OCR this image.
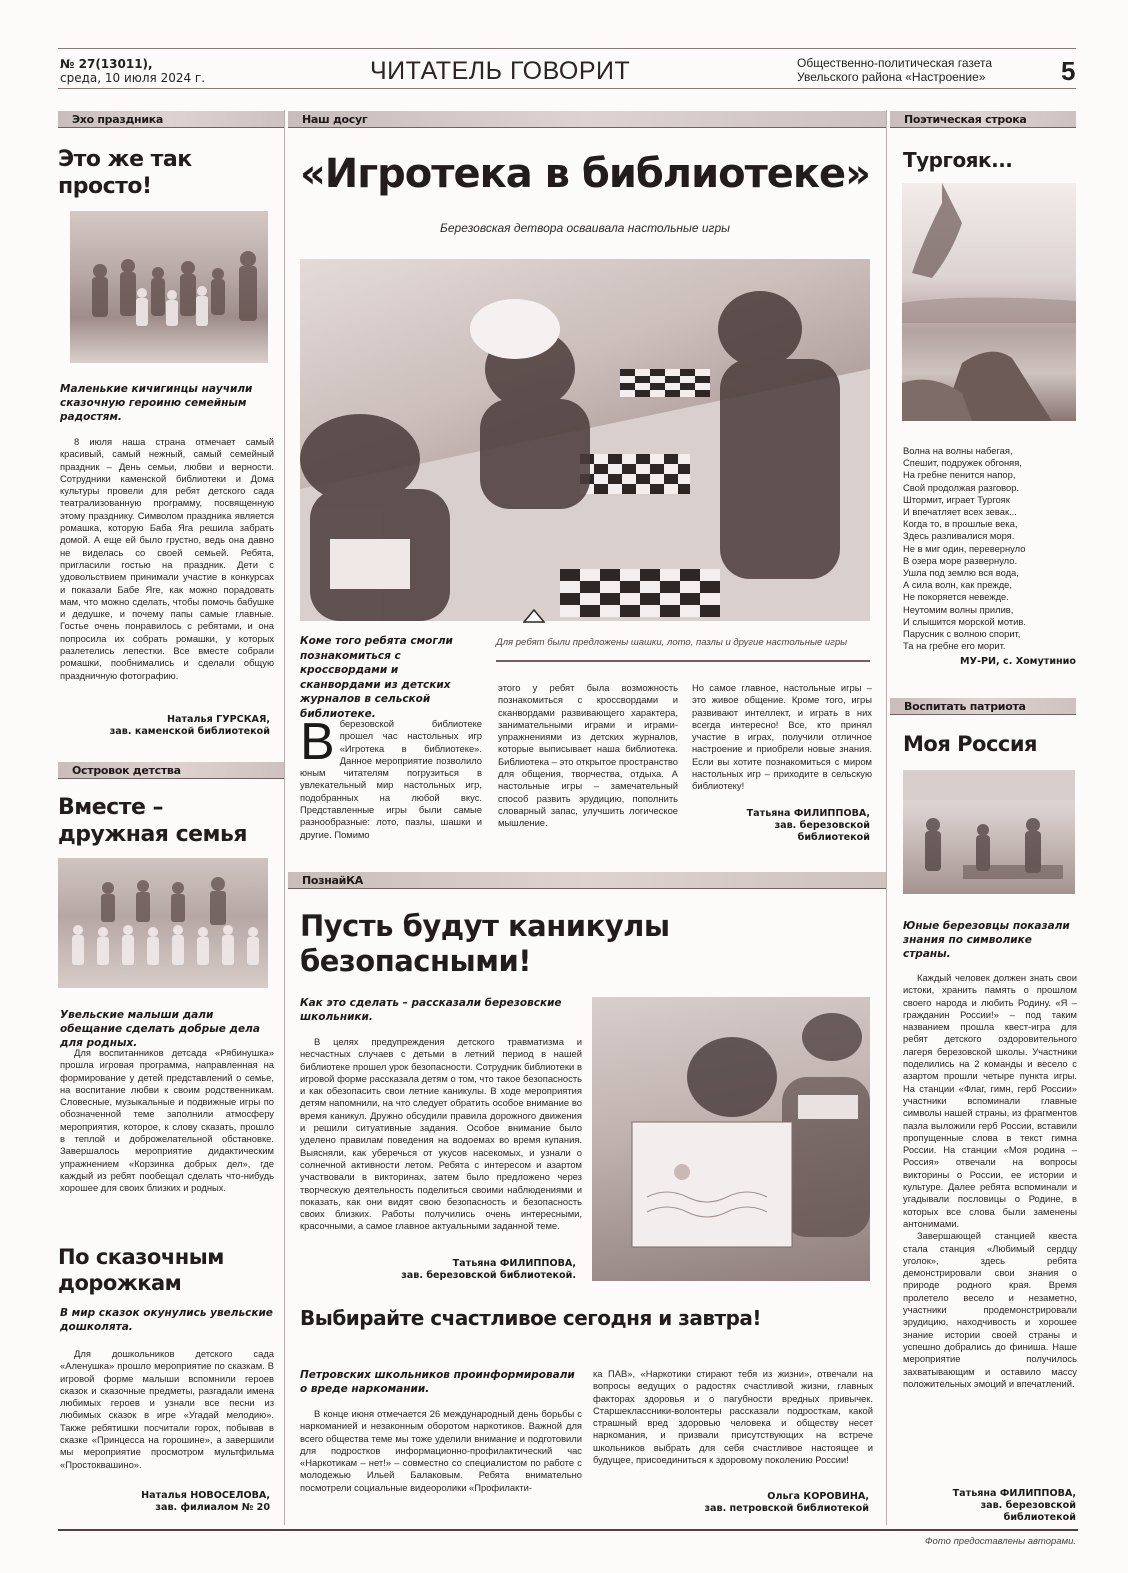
№ 27(13011),
среда, 10 июля 2024 г.	ЧИТАТЕЛЬ ГОВОРИТ	Общественно-политическая газета
Увельского района «Настроение»	5
Эхо праздника
Это же так просто!
Маленькие кичигинцы научили сказочную героиню семейным радостям.

8 июля наша страна отмечает самый красивый, самый нежный, самый семейный праздник – День семьи, любви и верности. Сотрудники каменской библиотеки и Дома культуры провели для ребят детского сада театрализованную программу, посвященную этому празднику. Символом праздника является ромашка, которую Баба Яга решила забрать домой. А еще ей было грустно, ведь она давно не виделась со своей семьей. Ребята, пригласили гостью на праздник. Дети с удовольствием принимали участие в конкурсах и показали Бабе Яге, как можно порадовать мам, что можно сделать, чтобы помочь бабушке и дедушке, и почему папы самые главные. Гостье очень понравилось с ребятами, и она попросила их собрать ромашки, у которых разлетелись лепестки. Все вместе собрали ромашки, пообнимались и сделали общую праздничную фотографию.

Наталья ГУРСКАЯ,
зав. каменской библиотекой
Островок детства
Вместе – дружная семья
Увельские малыши дали обещание сделать добрые дела для родных.

Для воспитанников детсада «Рябинушка» прошла игровая программа, направленная на формирование у детей представлений о семье, на воспитание любви к своим родственникам. Словесные, музыкальные и подвижные игры по обозначенной теме заполнили атмосферу мероприятия, которое, к слову сказать, прошло в теплой и доброжелательной обстановке. Завершалось мероприятие дидактическим упражнением «Корзинка добрых дел», где каждый из ребят пообещал сделать что-нибудь хорошее для своих близких и родных.

По сказочным дорожкам
В мир сказок окунулись увельские дошколята.

Для дошкольников детского сада «Аленушка» прошло мероприятие по сказкам. В игровой форме малыши вспомнили героев сказок и сказочные предметы, разгадали имена любимых героев и узнали все песни из любимых сказок в игре «Угадай мелодию». Также ребятишки посчитали горох, побывав в сказке «Принцесса на горошине», а завершили мы мероприятие просмотром мультфильма «Простоквашино».

Наталья НОВОСЕЛОВА,
зав. филиалом № 20
Наш досуг
«Игротека в библиотеке»
Березовская детвора осваивала настольные игры
Коме того ребята смогли познакомиться с кроссвордами и сканвордами из детских журналов в сельской библиотеке.
Для ребят были предложены шашки, лото, пазлы и другие настольные игры
Вберезовской библиотеке прошел час настольных игр «Игротека в библиотеке». Данное мероприятие позволило юным читателям погрузиться в увлекательный мир настольных игр, подобранных на любой вкус. Представленные игры были самые разнообразные: лото, пазлы, шашки и другие. Помимо
этого у ребят была возможность познакомиться с кроссвордами и сканвордами развивающего характера, занимательными играми и играми-упражнениями из детских журналов, которые выписывает наша библиотека. Библиотека – это открытое пространство для общения, творчества, отдыха. А настольные игры – замечательный способ развить эрудицию, пополнить словарный запас, улучшить логическое мышление.
Но самое главное, настольные игры – это живое общение. Кроме того, игры развивают интеллект, и играть в них всегда интересно! Все, кто принял участие в играх, получили отличное настроение и приобрели новые знания. Если вы хотите познакомиться с миром настольных игр – приходите в сельскую библиотеку!
Татьяна ФИЛИППОВА,
зав. березовской
библиотекой
ПознайКА
Пусть будут каникулы безопасными!
Как это сделать – рассказали березовские школьники.

В целях предупреждения детского травматизма и несчастных случаев с детьми в летний период в нашей библиотеке прошел урок безопасности. Сотрудник библиотеки в игровой форме рассказала детям о том, что такое безопасность и как обезопасить свои летние каникулы. В ходе мероприятия детям напомнили, на что следует обратить особое внимание во время каникул. Дружно обсудили правила дорожного движения и решили ситуативные задания. Особое внимание было уделено правилам поведения на водоемах во время купания. Выясняли, как уберечься от укусов насекомых, и узнали о солнечной активности летом. Ребята с интересом и азартом участвовали в викторинах, затем было предложено через творческую деятельность поделиться своими наблюдениями и показать, как они видят свою безопасность и безопасность своих близких. Работы получились очень интересными, красочными, а самое главное актуальными заданной теме.

Татьяна ФИЛИППОВА,
зав. березовской библиотекой.
Выбирайте счастливое сегодня и завтра!
Петровских школьников проинформировали о вреде наркомании.

В конце июня отмечается 26 международный день борьбы с наркоманией и незаконным оборотом наркотиков. Важной для всего общества теме мы тоже уделили внимание и подготовили для подростков информационно-профилактический час «Наркотикам – нет!» – совместно со специалистом по работе с молодежью Ильей Балаковым. Ребята внимательно посмотрели социальные видеоролики «Профилакти-

ка ПАВ», «Наркотики стирают тебя из жизни», отвечали на вопросы ведущих о радостях счастливой жизни, главных факторах здоровья и о пагубности вредных привычек. Старшеклассники-волонтеры рассказали подросткам, какой страшный вред здоровью человека и обществу несет наркомания, и призвали присутствующих на встрече школьников выбрать для себя счастливое настоящее и будущее, присоединиться к здоровому поколению России!
Ольга КОРОВИНА,
зав. петровской библиотекой
Поэтическая строка
Тургояк...
Волна на волны набегая,
Спешит, подружек обгоняя,
На гребне пенится напор,
Свой продолжая разговор.
Штормит, играет Тургояк
И впечатляет всех зевак...
Когда то, в прошлые века,
Здесь разливалися моря.
Не в миг один, перевернуло
В озера море развернуло.
Ушла под землю вся вода,
А сила волн, как прежде,
Не покоряется невежде.
Неутомим волны прилив,
И слышится морской мотив.
Парусник с волною спорит,
Та на гребне его морит.
МУ-РИ, с. Хомутинио
Воспитать патриота
Моя Россия
Юные березовцы показали знания по символике страны.

Каждый человек должен знать свои истоки, хранить память о прошлом своего народа и любить Родину. «Я – гражданин России!» – под таким названием прошла квест-игра для ребят детского оздоровительного лагеря березовской школы. Участники поделились на 2 команды и весело с азартом прошли четыре пункта игры. На станции «Флаг, гимн, герб России» участники вспоминали главные символы нашей страны, из фрагментов пазла выложили герб России, вставили пропущенные слова в текст гимна России. На станции «Моя родина – Россия» отвечали на вопросы викторины о России, ее истории и культуре. Далее ребята вспоминали и угадывали пословицы о Родине, в которых все слова были заменены антонимами.

Завершающей станцией квеста стала станция «Любимый сердцу уголок», здесь ребята демонстрировали свои знания о природе родного края. Время пролетело весело и незаметно, участники продемонстрировали эрудицию, находчивость и хорошее знание истории своей страны и успешно добрались до финиша. Наше мероприятие получилось захватывающим и оставило массу положительных эмоций и впечатлений.

Татьяна ФИЛИППОВА,
зав. березовской
библиотекой
Фото предоставлены авторами.
